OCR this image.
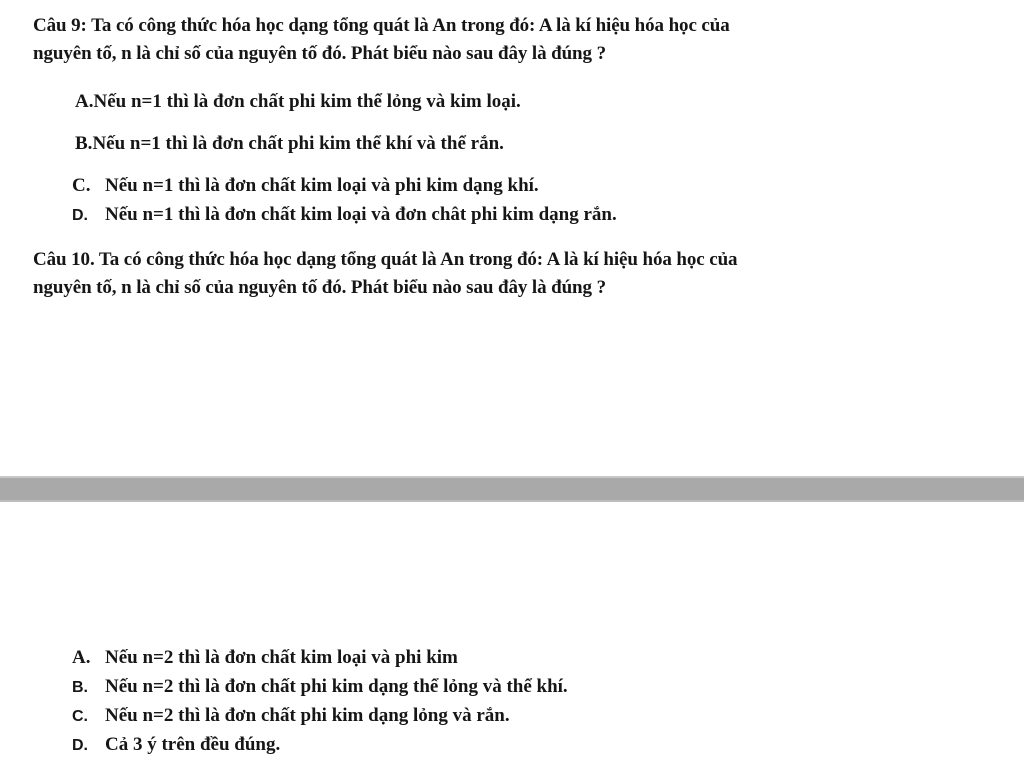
Câu 9: Ta có công thức hóa học dạng tổng quát là An trong đó: A là kí hiệu hóa học của
nguyên tố, n là chỉ số của nguyên tố đó. Phát biểu nào sau đây là đúng ?
A.Nếu n=1 thì là đơn chất phi kim thể lỏng và kim loại.
B.Nếu n=1 thì là đơn chất phi kim thể khí và thể rắn.
C. Nếu n=1 thì là đơn chất kim loại và phi kim dạng khí.
D. Nếu n=1 thì là đơn chất kim loại và đơn chât phi kim dạng rắn.
Câu 10. Ta có công thức hóa học dạng tổng quát là An trong đó: A là kí hiệu hóa học của
nguyên tố, n là chỉ số của nguyên tố đó. Phát biểu nào sau đây là đúng ?
A. Nếu n=2 thì là đơn chất kim loại và phi kim
B. Nếu n=2 thì là đơn chất phi kim dạng thể lỏng và thể khí.
C. Nếu n=2 thì là đơn chất phi kim dạng lỏng và rắn.
D. Cả 3 ý trên đều đúng.
